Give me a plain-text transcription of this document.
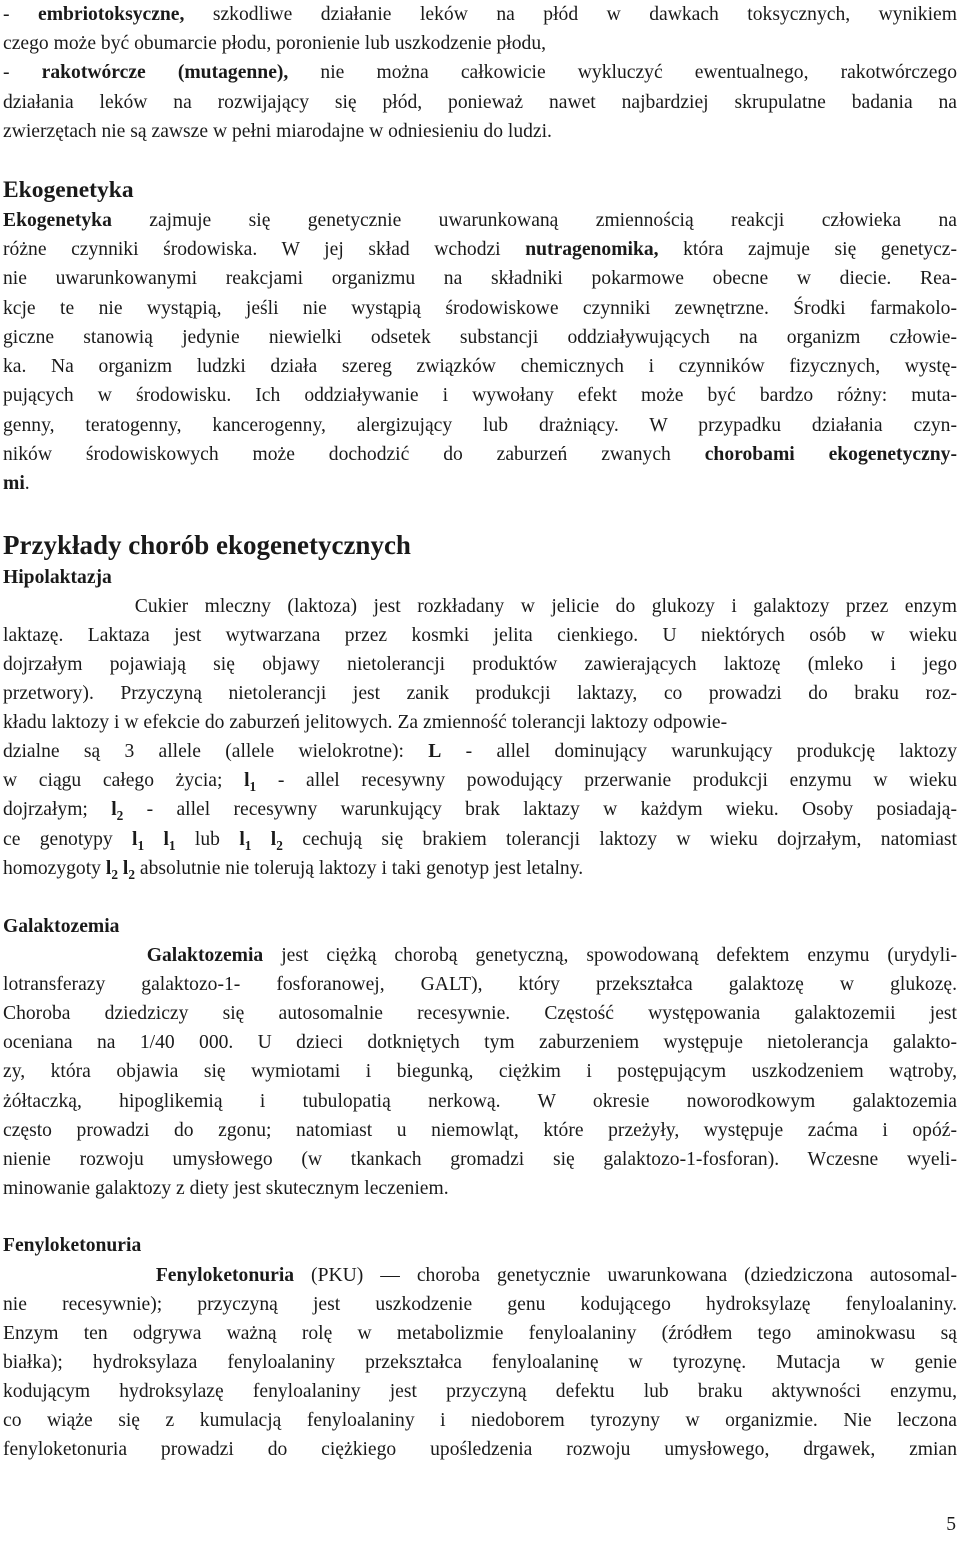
- embriotoksyczne, szkodliwe działanie leków na płód w dawkach toksycznych, wynikiem
czego może być obumarcie płodu, poronienie lub uszkodzenie płodu,
- rakotwórcze (mutagenne), nie można całkowicie wykluczyć ewentualnego, rakotwórczego
działania leków na rozwijający się płód, ponieważ nawet najbardziej skrupulatne badania na
zwierzętach nie są zawsze w pełni miarodajne w odniesieniu do ludzi.
Ekogenetyka
Ekogenetyka zajmuje się genetycznie uwarunkowaną zmiennością reakcji człowieka na
różne czynniki środowiska. W jej skład wchodzi nutragenomika, która zajmuje się genetycz-
nie uwarunkowanymi reakcjami organizmu na składniki pokarmowe obecne w diecie. Rea-
kcje te nie wystąpią, jeśli nie wystąpią środowiskowe czynniki zewnętrzne. Środki farmakolo-
giczne stanowią jedynie niewielki odsetek substancji oddziaływujących na organizm człowie-
ka. Na organizm ludzki działa szereg związków chemicznych i czynników fizycznych, wystę-
pujących w środowisku. Ich oddziaływanie i wywołany efekt może być bardzo różny: muta-
genny, teratogenny, kancerogenny, alergizujący lub drażniący. W przypadku działania czyn-
ników środowiskowych może dochodzić do zaburzeń zwanych chorobami ekogenetyczny-
mi.
Przykłady chorób ekogenetycznych
Hipolaktazja
Cukier mleczny (laktoza) jest rozkładany w jelicie do glukozy i galaktozy przez enzym
laktazę. Laktaza jest wytwarzana przez kosmki jelita cienkiego. U niektórych osób w wieku
dojrzałym pojawiają się objawy nietolerancji produktów zawierających laktozę (mleko i jego
przetwory). Przyczyną nietolerancji jest zanik produkcji laktazy, co prowadzi do braku roz-
kładu laktozy i w efekcie do zaburzeń jelitowych. Za zmienność tolerancji laktozy odpowie-
dzialne są 3 allele (allele wielokrotne): L - allel dominujący warunkujący produkcję laktozy
w ciągu całego życia; $l_1$ - allel recesywny powodujący przerwanie produkcji enzymu w wieku
dojrzałym; $l_2$ - allel recesywny warunkujący brak laktazy w każdym wieku. Osoby posiadają-
ce genotypy $l_1$ $l_1$ lub $l_1$ $l_2$ cechują się brakiem tolerancji laktozy w wieku dojrzałym, natomiast
homozygoty $l_2$ $l_2$ absolutnie nie tolerują laktozy i taki genotyp jest letalny.
Galaktozemia
Galaktozemia jest ciężką chorobą genetyczną, spowodowaną defektem enzymu (urydyli-
lotransferazy galaktozo-1- fosforanowej, GALT), który przekształca galaktozę w glukozę.
Choroba dziedziczy się autosomalnie recesywnie. Częstość występowania galaktozemii jest
oceniana na 1/40 000. U dzieci dotkniętych tym zaburzeniem występuje nietolerancja galakto-
zy, która objawia się wymiotami i biegunką, ciężkim i postępującym uszkodzeniem wątroby,
żółtaczką, hipoglikemią i tubulopatią nerkową. W okresie noworodkowym galaktozemia
często prowadzi do zgonu; natomiast u niemowląt, które przeżyły, występuje zaćma i opóź-
nienie rozwoju umysłowego (w tkankach gromadzi się galaktozo-1-fosforan). Wczesne wyeli-
minowanie galaktozy z diety jest skutecznym leczeniem.
Fenyloketonuria
Fenyloketonuria (PKU) — choroba genetycznie uwarunkowana (dziedziczona autosomal-
nie recesywnie); przyczyną jest uszkodzenie genu kodującego hydroksylazę fenyloalaniny.
Enzym ten odgrywa ważną rolę w metabolizmie fenyloalaniny (źródłem tego aminokwasu są
białka); hydroksylaza fenyloalaniny przekształca fenyloalaninę w tyrozynę. Mutacja w genie
kodującym hydroksylazę fenyloalaniny jest przyczyną defektu lub braku aktywności enzymu,
co wiąże się z kumulacją fenyloalaniny i niedoborem tyrozyny w organizmie. Nie leczona
fenyloketonuria prowadzi do ciężkiego upośledzenia rozwoju umysłowego, drgawek, zmian
5
